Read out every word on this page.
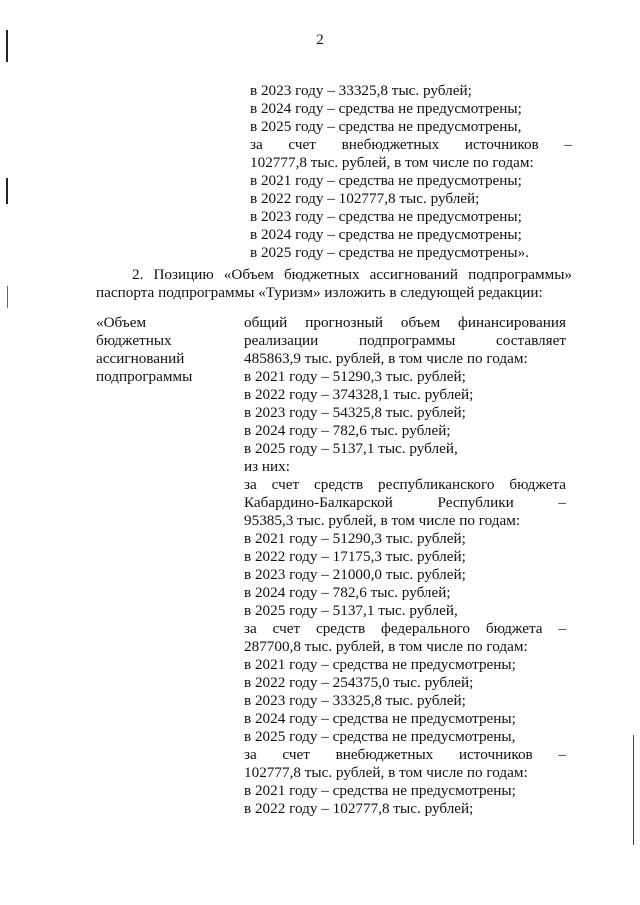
2
в 2023 году – 33325,8 тыс. рублей;
в 2024 году – средства не предусмотрены;
в 2025 году – средства не предусмотрены,
за счет внебюджетных источников –
102777,8 тыс. рублей, в том числе по годам:
в 2021 году – средства не предусмотрены;
в 2022 году – 102777,8 тыс. рублей;
в 2023 году – средства не предусмотрены;
в 2024 году – средства не предусмотрены;
в 2025 году – средства не предусмотрены».
2. Позицию «Объем бюджетных ассигнований подпрограммы»
паспорта подпрограммы «Туризм» изложить в следующей редакции:
«Объем
бюджетных
ассигнований
подпрограммы
общий прогнозный объем финансирования
реализации подпрограммы составляет
485863,9 тыс. рублей, в том числе по годам:
в 2021 году – 51290,3 тыс. рублей;
в 2022 году – 374328,1 тыс. рублей;
в 2023 году – 54325,8 тыс. рублей;
в 2024 году – 782,6 тыс. рублей;
в 2025 году – 5137,1 тыс. рублей,
из них:
за счет средств республиканского бюджета
Кабардино-Балкарской Республики –
95385,3 тыс. рублей, в том числе по годам:
в 2021 году – 51290,3 тыс. рублей;
в 2022 году – 17175,3 тыс. рублей;
в 2023 году – 21000,0 тыс. рублей;
в 2024 году – 782,6 тыс. рублей;
в 2025 году – 5137,1 тыс. рублей,
за счет средств федерального бюджета –
287700,8 тыс. рублей, в том числе по годам:
в 2021 году – средства не предусмотрены;
в 2022 году – 254375,0 тыс. рублей;
в 2023 году – 33325,8 тыс. рублей;
в 2024 году – средства не предусмотрены;
в 2025 году – средства не предусмотрены,
за счет внебюджетных источников –
102777,8 тыс. рублей, в том числе по годам:
в 2021 году – средства не предусмотрены;
в 2022 году – 102777,8 тыс. рублей;
